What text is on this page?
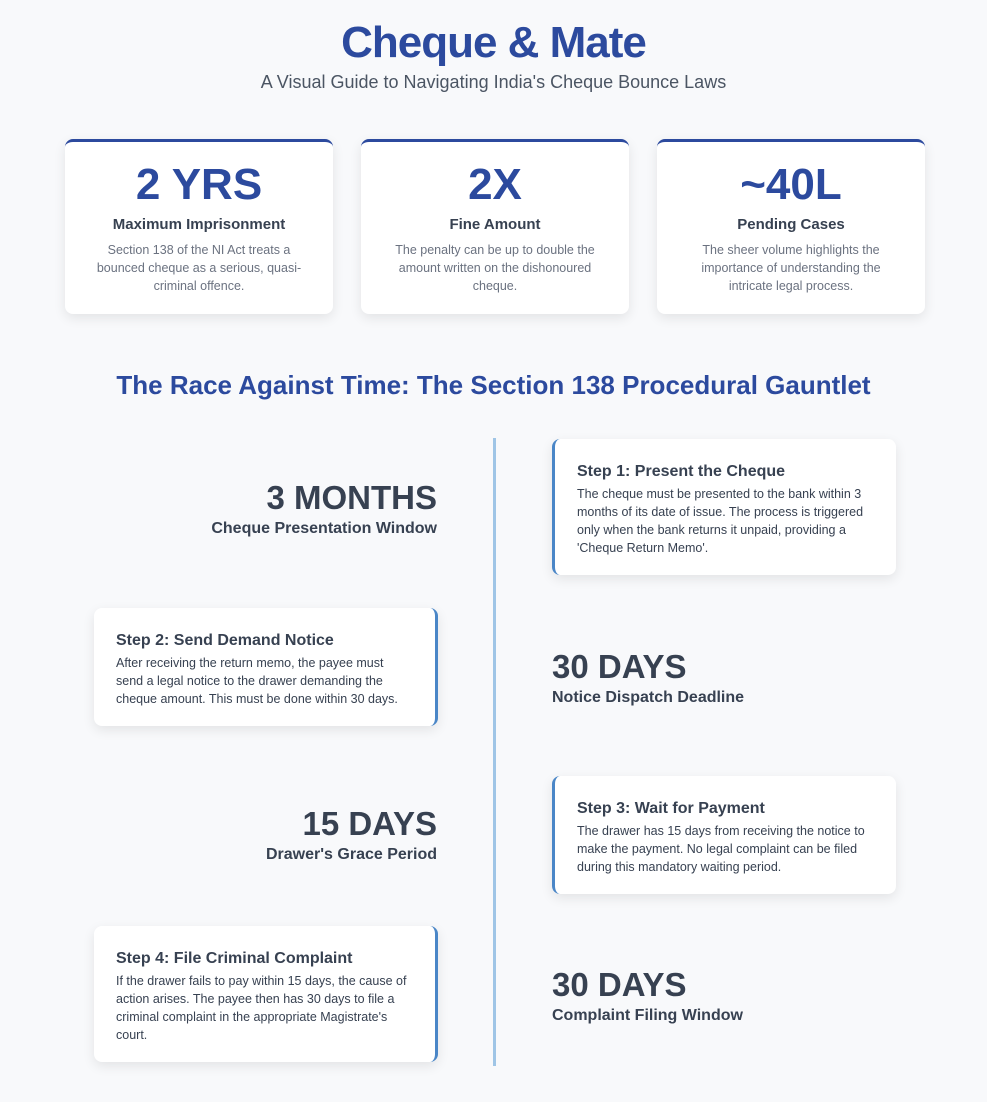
Cheque & Mate
A Visual Guide to Navigating India's Cheque Bounce Laws
2 YRS
Maximum Imprisonment
Section 138 of the NI Act treats a bounced cheque as a serious, quasi-criminal offence.
2X
Fine Amount
The penalty can be up to double the amount written on the dishonoured cheque.
~40L
Pending Cases
The sheer volume highlights the importance of understanding the intricate legal process.
The Race Against Time: The Section 138 Procedural Gauntlet
3 MONTHS
Cheque Presentation Window
Step 1: Present the Cheque
The cheque must be presented to the bank within 3 months of its date of issue. The process is triggered only when the bank returns it unpaid, providing a 'Cheque Return Memo'.
Step 2: Send Demand Notice
After receiving the return memo, the payee must send a legal notice to the drawer demanding the cheque amount. This must be done within 30 days.
30 DAYS
Notice Dispatch Deadline
15 DAYS
Drawer's Grace Period
Step 3: Wait for Payment
The drawer has 15 days from receiving the notice to make the payment. No legal complaint can be filed during this mandatory waiting period.
Step 4: File Criminal Complaint
If the drawer fails to pay within 15 days, the cause of action arises. The payee then has 30 days to file a criminal complaint in the appropriate Magistrate's court.
30 DAYS
Complaint Filing Window
